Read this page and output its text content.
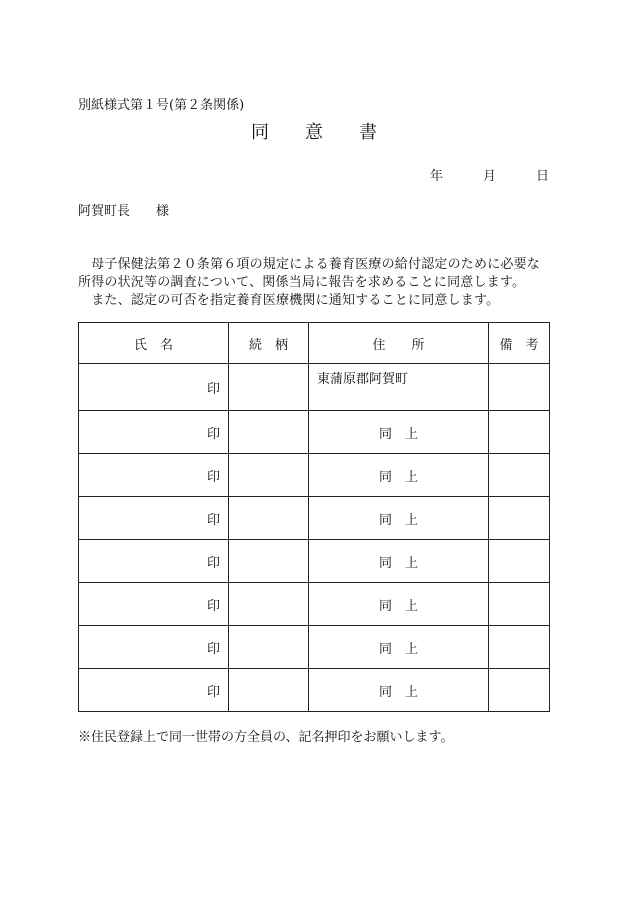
別紙様式第１号(第２条関係)
同 意 書
年	月	日
阿賀町長 様
　母子保健法第２０条第６項の規定による養育医療の給付認定のために必要な
所得の状況等の調査について、関係当局に報告を求めることに同意します。
　また、認定の可否を指定養育医療機関に通知することに同意します。
氏　名	続　柄	住　　所	備　考
印		東蒲原郡阿賀町	
印		同　上	
印		同　上	
印		同　上	
印		同　上	
印		同　上	
印		同　上	
印		同　上	
※住民登録上で同一世帯の方全員の、記名押印をお願いします。
